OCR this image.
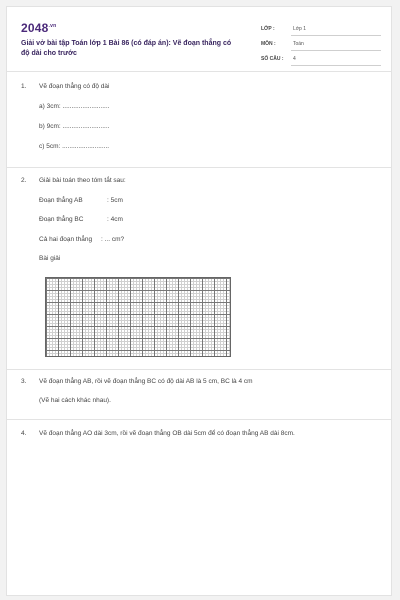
$2048^{.vn}$
Giải vở bài tập Toán lớp 1 Bài 86 (có đáp án): Vẽ đoạn thẳng có độ dài cho trước
LỚP :	Lớp 1
MÔN :	Toán
SỐ CÂU : 4
1. Vẽ đoạn thẳng có độ dài
a) 3cm: ..........................
b) 9cm: ..........................
c) 5cm: ..........................
2. Giải bài toán theo tóm tắt sau:
Đoạn thẳng AB	: 5cm
Đoạn thẳng BC	: 4cm
Cả hai đoạn thẳng : ... cm?
Bài giải
3. Vẽ đoạn thẳng AB, rồi vẽ đoạn thẳng BC có độ dài AB là 5 cm, BC là 4 cm
(Vẽ hai cách khác nhau).
4. Vẽ đoạn thẳng AO dài 3cm, rồi vẽ đoạn thẳng OB dài 5cm để có đoạn thẳng AB dài 8cm.
